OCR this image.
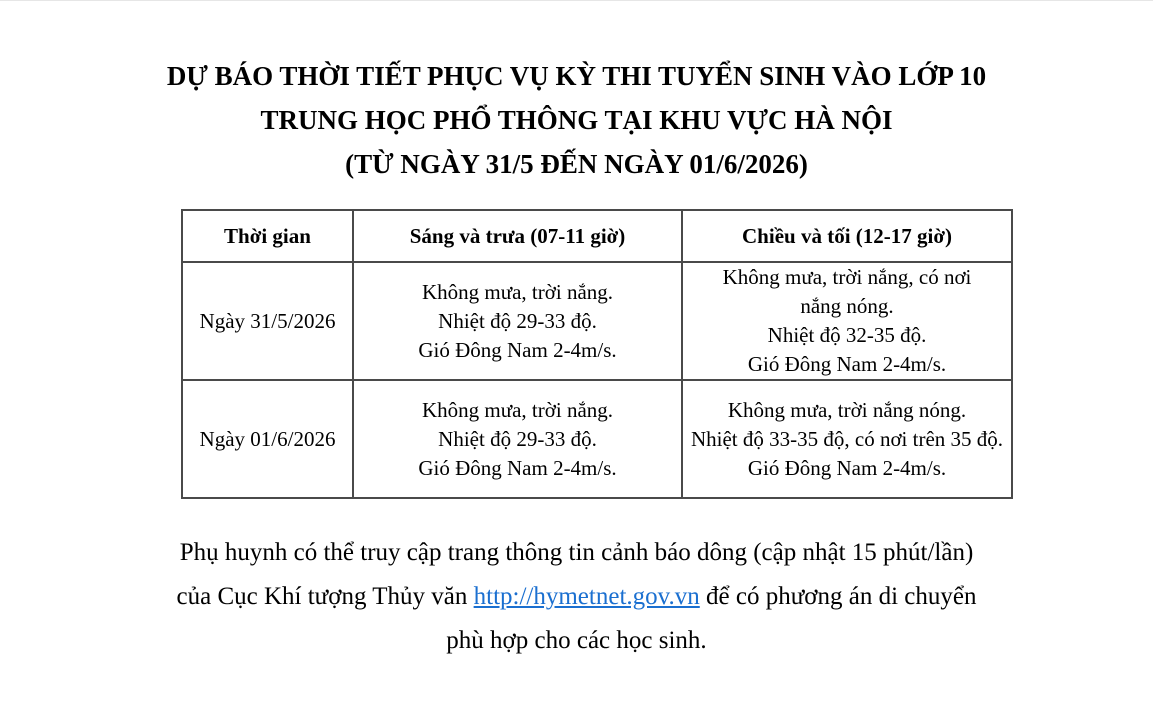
DỰ BÁO THỜI TIẾT PHỤC VỤ KỲ THI TUYỂN SINH VÀO LỚP 10
TRUNG HỌC PHỔ THÔNG TẠI KHU VỰC HÀ NỘI
(TỪ NGÀY 31/5 ĐẾN NGÀY 01/6/2026)
Thời gian	Sáng và trưa (07-11 giờ)	Chiều và tối (12-17 giờ)
Ngày 31/5/2026	Không mưa, trời nắng.
Nhiệt độ 29-33 độ.
Gió Đông Nam 2-4m/s.	Không mưa, trời nắng, có nơi nắng nóng.
Nhiệt độ 32-35 độ.
Gió Đông Nam 2-4m/s.

Ngày 01/6/2026	Không mưa, trời nắng.
Nhiệt độ 29-33 độ.
Gió Đông Nam 2-4m/s.	Không mưa, trời nắng nóng.
Nhiệt độ 33-35 độ, có nơi trên 35 độ.
Gió Đông Nam 2-4m/s.
Phụ huynh có thể truy cập trang thông tin cảnh báo dông (cập nhật 15 phút/lần)
của Cục Khí tượng Thủy văn http://hymetnet.gov.vn để có phương án di chuyển
phù hợp cho các học sinh.
